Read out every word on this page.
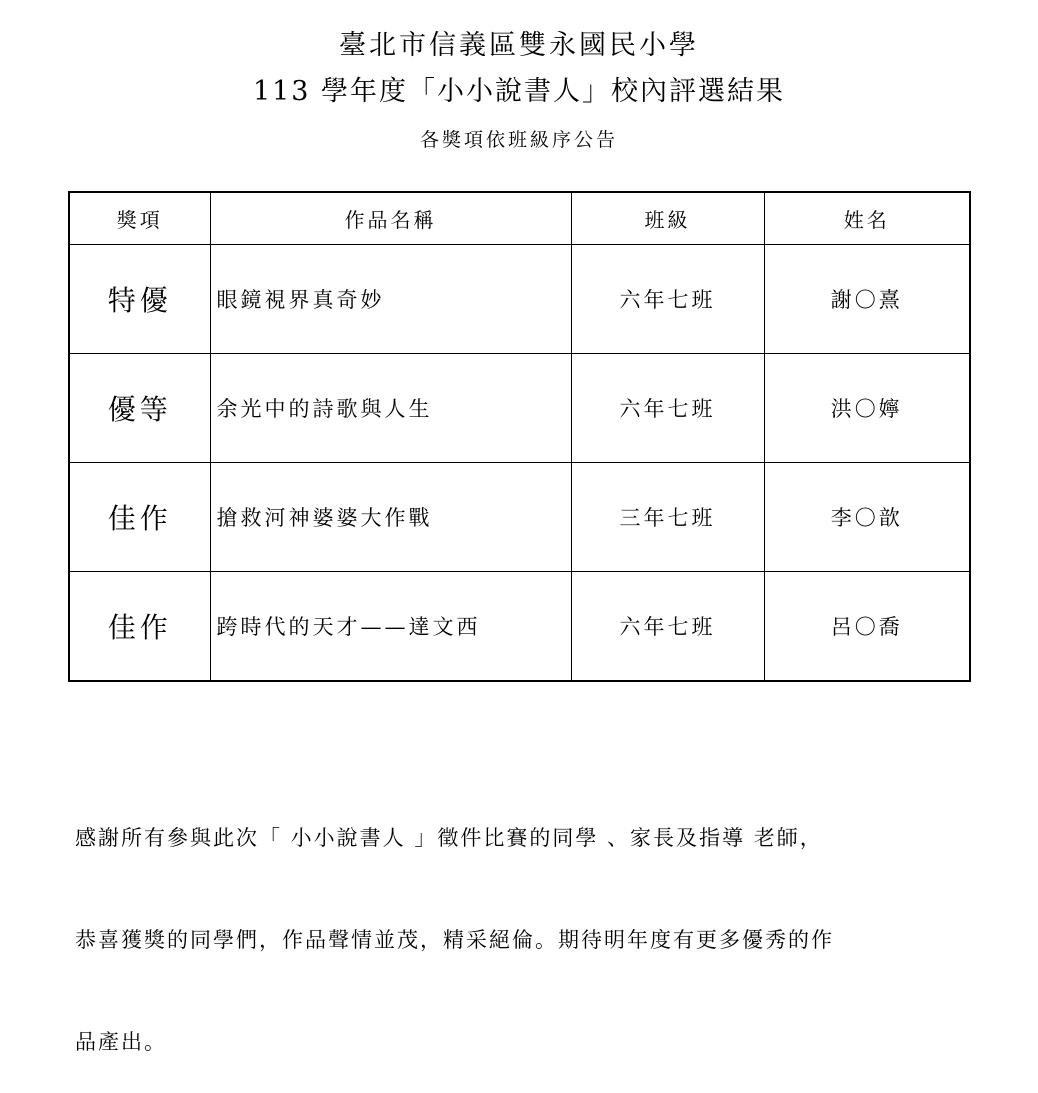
臺北市信義區雙永國民小學
113 學年度「小小說書人」校內評選結果
各獎項依班級序公告
獎項	作品名稱	班級	姓名
特優	眼鏡視界真奇妙	六年七班	謝〇熹
優等	余光中的詩歌與人生	六年七班	洪〇嬣
佳作	搶救河神婆婆大作戰	三年七班	李〇歆
佳作	跨時代的天才——達文西	六年七班	呂〇喬

感謝所有參與此次「 小小說書人 」徵件比賽的同學 、家長及指導 老師，

恭喜獲獎的同學們，作品聲情並茂，精采絕倫。期待明年度有更多優秀的作

品產出。
